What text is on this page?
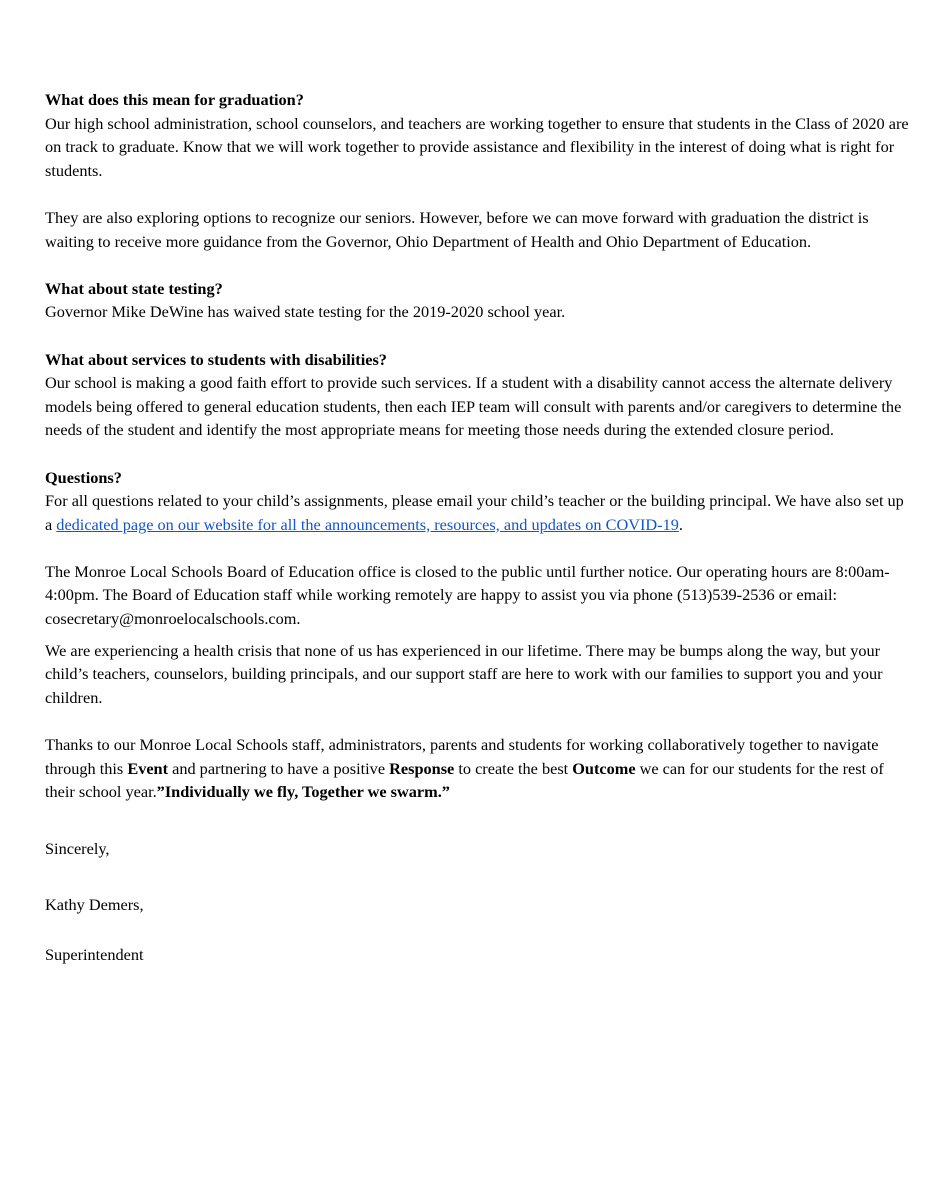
What does this mean for graduation?

Our high school administration, school counselors, and teachers are working together to ensure that students in the Class of 2020 are on track to graduate. Know that we will work together to provide assistance and flexibility in the interest of doing what is right for students.

They are also exploring options to recognize our seniors. However, before we can move forward with graduation the district is waiting to receive more guidance from the Governor, Ohio Department of Health and Ohio Department of Education.

What about state testing?

Governor Mike DeWine has waived state testing for the 2019-2020 school year.

What about services to students with disabilities?

Our school is making a good faith effort to provide such services. If a student with a disability cannot access the alternate delivery models being offered to general education students, then each IEP team will consult with parents and/or caregivers to determine the needs of the student and identify the most appropriate means for meeting those needs during the extended closure period.

Questions?

For all questions related to your child’s assignments, please email your child’s teacher or the building principal. We have also set up a dedicated page on our website for all the announcements, resources, and updates on COVID-19.

The Monroe Local Schools Board of Education office is closed to the public until further notice. Our operating hours are 8:00am-4:00pm. The Board of Education staff while working remotely are happy to assist you via phone (513)539-2536 or email: cosecretary@monroelocalschools.com.

We are experiencing a health crisis that none of us has experienced in our lifetime. There may be bumps along the way, but your child’s teachers, counselors, building principals, and our support staff are here to work with our families to support you and your children.

Thanks to our Monroe Local Schools staff, administrators, parents and students for working collaboratively together to navigate through this Event and partnering to have a positive Response to create the best Outcome we can for our students for the rest of their school year.”Individually we fly, Together we swarm.”

Sincerely,

Kathy Demers,

Superintendent
